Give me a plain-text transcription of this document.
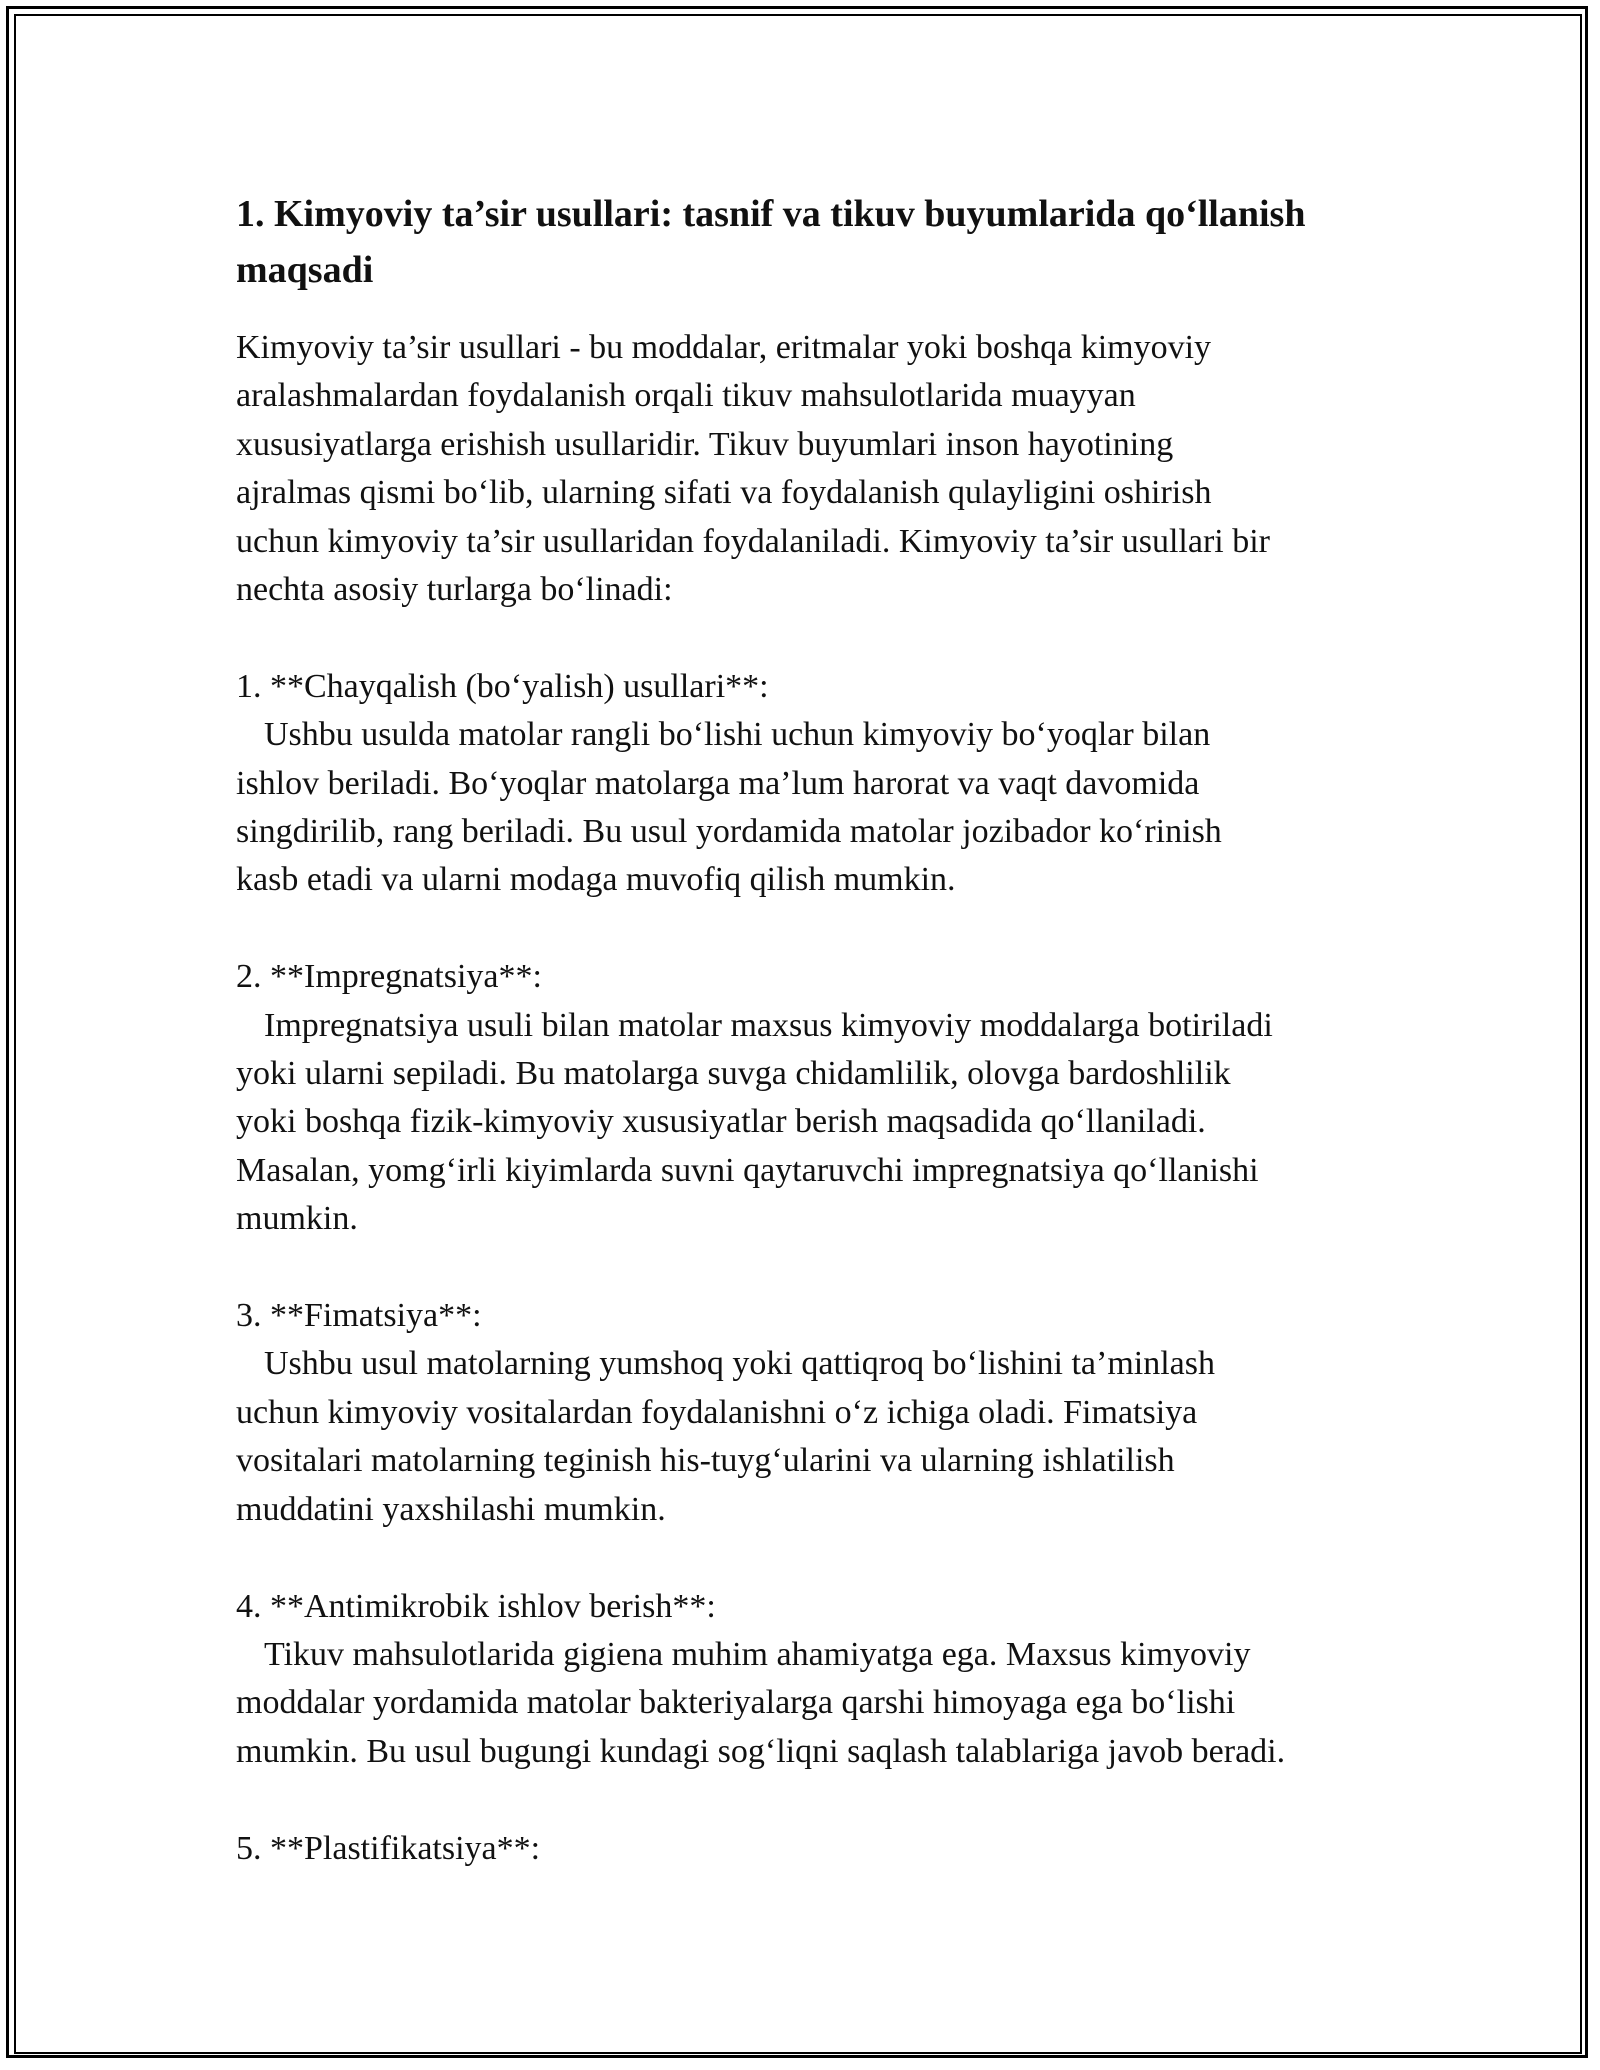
1. Kimyoviy ta’sir usullari: tasnif va tikuv buyumlarida qo‘llanish maqsadi

Kimyoviy ta’sir usullari - bu moddalar, eritmalar yoki boshqa kimyoviy

aralashmalardan foydalanish orqali tikuv mahsulotlarida muayyan

xususiyatlarga erishish usullaridir. Tikuv buyumlari inson hayotining

ajralmas qismi bo‘lib, ularning sifati va foydalanish qulayligini oshirish

uchun kimyoviy ta’sir usullaridan foydalaniladi. Kimyoviy ta’sir usullari bir

nechta asosiy turlarga bo‘linadi:

1. **Chayqalish (bo‘yalish) usullari**:

Ushbu usulda matolar rangli bo‘lishi uchun kimyoviy bo‘yoqlar bilan

ishlov beriladi. Bo‘yoqlar matolarga ma’lum harorat va vaqt davomida

singdirilib, rang beriladi. Bu usul yordamida matolar jozibador ko‘rinish

kasb etadi va ularni modaga muvofiq qilish mumkin.

2. **Impregnatsiya**:

Impregnatsiya usuli bilan matolar maxsus kimyoviy moddalarga botiriladi

yoki ularni sepiladi. Bu matolarga suvga chidamlilik, olovga bardoshlilik

yoki boshqa fizik-kimyoviy xususiyatlar berish maqsadida qo‘llaniladi.

Masalan, yomg‘irli kiyimlarda suvni qaytaruvchi impregnatsiya qo‘llanishi

mumkin.

3. **Fimatsiya**:

Ushbu usul matolarning yumshoq yoki qattiqroq bo‘lishini ta’minlash

uchun kimyoviy vositalardan foydalanishni o‘z ichiga oladi. Fimatsiya

vositalari matolarning teginish his-tuyg‘ularini va ularning ishlatilish

muddatini yaxshilashi mumkin.

4. **Antimikrobik ishlov berish**:

Tikuv mahsulotlarida gigiena muhim ahamiyatga ega. Maxsus kimyoviy

moddalar yordamida matolar bakteriyalarga qarshi himoyaga ega bo‘lishi

mumkin. Bu usul bugungi kundagi sog‘liqni saqlash talablariga javob beradi.

5. **Plastifikatsiya**:
